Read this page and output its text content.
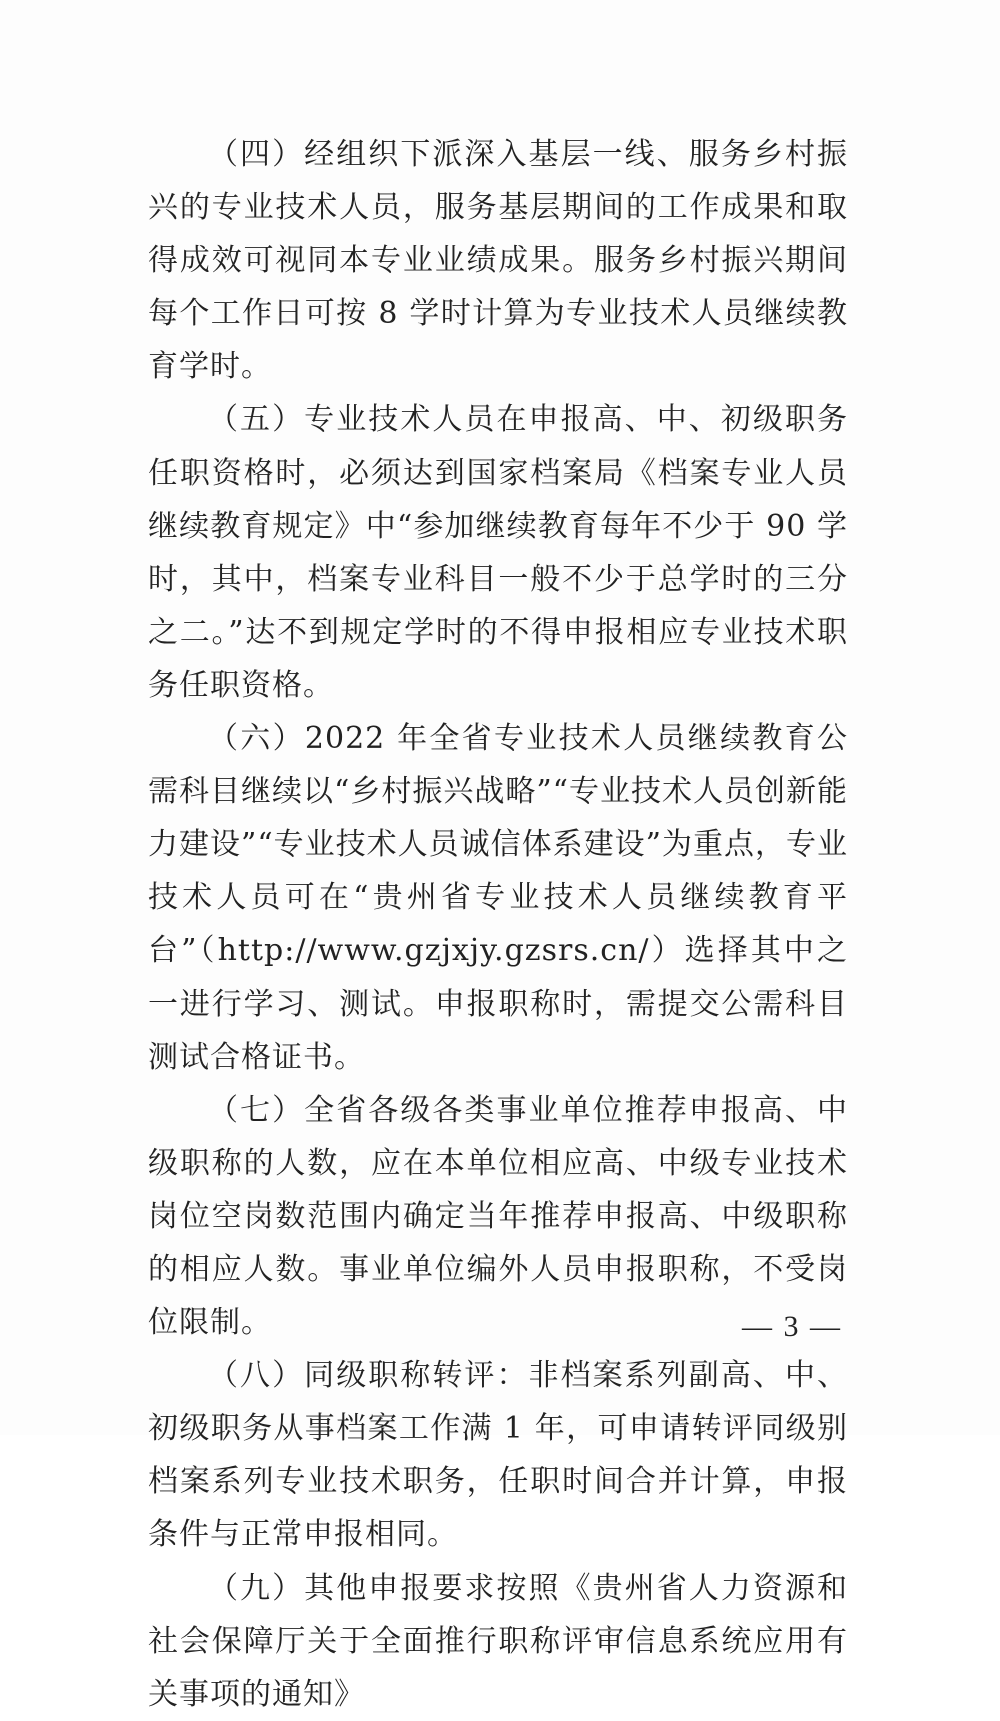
（四）经组织下派深入基层一线、服务乡村振兴的专业技术人员，服务基层期间的工作成果和取得成效可视同本专业业绩成果。服务乡村振兴期间每个工作日可按 8 学时计算为专业技术人员继续教育学时。

（五）专业技术人员在申报高、中、初级职务任职资格时，必须达到国家档案局《档案专业人员继续教育规定》中“参加继续教育每年不少于 90 学时，其中，档案专业科目一般不少于总学时的三分之二。”达不到规定学时的不得申报相应专业技术职务任职资格。

（六）2022 年全省专业技术人员继续教育公需科目继续以“乡村振兴战略”“专业技术人员创新能力建设”“专业技术人员诚信体系建设”为重点，专业技术人员可在“贵州省专业技术人员继续教育平台”（http://www.gzjxjy.gzsrs.cn/）选择其中之一进行学习、测试。申报职称时，需提交公需科目测试合格证书。

（七）全省各级各类事业单位推荐申报高、中级职称的人数，应在本单位相应高、中级专业技术岗位空岗数范围内确定当年推荐申报高、中级职称的相应人数。事业单位编外人员申报职称，不受岗位限制。

（八）同级职称转评：非档案系列副高、中、初级职务从事档案工作满 1 年，可申请转评同级别档案系列专业技术职务，任职时间合并计算，申报条件与正常申报相同。

（九）其他申报要求按照《贵州省人力资源和社会保障厅关于全面推行职称评审信息系统应用有关事项的通知》

— 3 —
